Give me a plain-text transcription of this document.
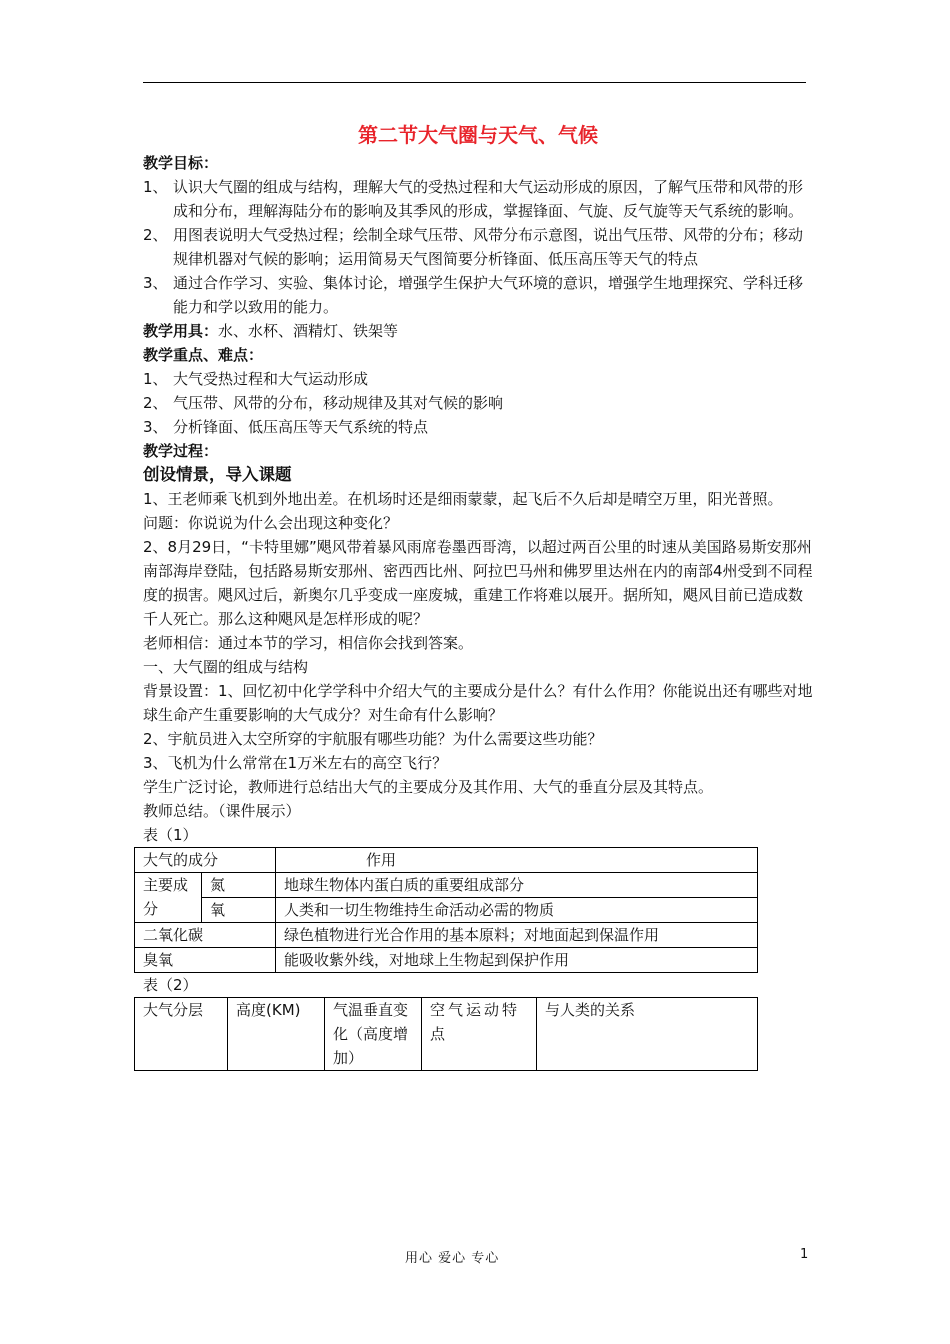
第二节大气圈与天气、气候

教学目标：

1、 认识大气圈的组成与结构，理解大气的受热过程和大气运动形成的原因，了解气压带和风带的形成和分布，理解海陆分布的影响及其季风的形成，掌握锋面、气旋、反气旋等天气系统的影响。
2、 用图表说明大气受热过程；绘制全球气压带、风带分布示意图，说出气压带、风带的分布；移动规律机器对气候的影响；运用简易天气图简要分析锋面、低压高压等天气的特点
3、 通过合作学习、实验、集体讨论，增强学生保护大气环境的意识，增强学生地理探究、学科迁移能力和学以致用的能力。

教学用具：水、水杯、酒精灯、铁架等

教学重点、难点：

1、 大气受热过程和大气运动形成
2、 气压带、风带的分布，移动规律及其对气候的影响
3、 分析锋面、低压高压等天气系统的特点

教学过程：

创设情景，导入课题

1、王老师乘飞机到外地出差。在机场时还是细雨蒙蒙，起飞后不久后却是晴空万里，阳光普照。

问题：你说说为什么会出现这种变化？

2、8月29日，“卡特里娜”飓风带着暴风雨席卷墨西哥湾，以超过两百公里的时速从美国路易斯安那州南部海岸登陆，包括路易斯安那州、密西西比州、阿拉巴马州和佛罗里达州在内的南部4州受到不同程度的损害。飓风过后，新奥尔几乎变成一座废城，重建工作将难以展开。据所知，飓风目前已造成数千人死亡。那么这种飓风是怎样形成的呢？

老师相信：通过本节的学习，相信你会找到答案。

一、大气圈的组成与结构

背景设置：1、回忆初中化学学科中介绍大气的主要成分是什么？有什么作用？你能说出还有哪些对地球生命产生重要影响的大气成分？对生命有什么影响？

2、宇航员进入太空所穿的宇航服有哪些功能？为什么需要这些功能？

3、飞机为什么常常在1万米左右的高空飞行？

学生广泛讨论，教师进行总结出大气的主要成分及其作用、大气的垂直分层及其特点。

教师总结。（课件展示）

表（1）

大气的成分		作用
主要成分	氮	地球生物体内蛋白质的重要组成部分
	氧	人类和一切生物维持生命活动必需的物质
二氧化碳		绿色植物进行光合作用的基本原料；对地面起到保温作用
臭氧		能吸收紫外线，对地球上生物起到保护作用

表（2）

大气分层	高度(KM)	气温垂直变化（高度增加）	空气运动特点	与人类的关系
用心 爱心 专心	1
